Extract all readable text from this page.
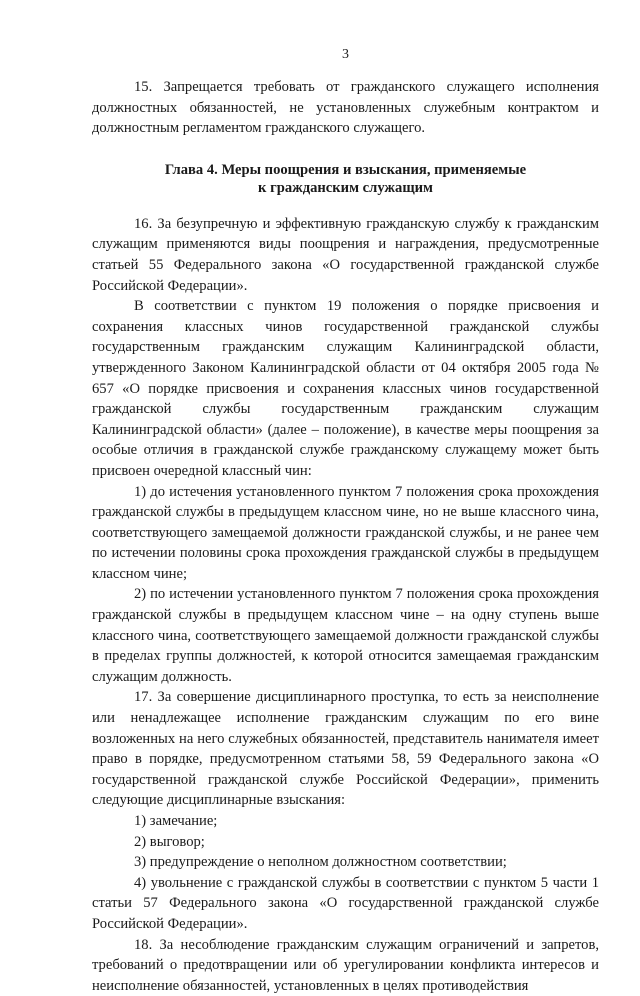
3

15. Запрещается требовать от гражданского служащего исполнения должностных обязанностей, не установленных служебным контрактом и должностным регламентом гражданского служащего.

Глава 4. Меры поощрения и взыскания, применяемые
к гражданским служащим

16. За безупречную и эффективную гражданскую службу к гражданским служащим применяются виды поощрения и награждения, предусмотренные статьей 55 Федерального закона «О государственной гражданской службе Российской Федерации».

В соответствии с пунктом 19 положения о порядке присвоения и сохранения классных чинов государственной гражданской службы государственным гражданским служащим Калининградской области, утвержденного Законом Калининградской области от 04 октября 2005 года № 657 «О порядке присвоения и сохранения классных чинов государственной гражданской службы государственным гражданским служащим Калининградской области» (далее – положение), в качестве меры поощрения за особые отличия в гражданской службе гражданскому служащему может быть присвоен очередной классный чин:

1) до истечения установленного пунктом 7 положения срока прохождения гражданской службы в предыдущем классном чине, но не выше классного чина, соответствующего замещаемой должности гражданской службы, и не ранее чем по истечении половины срока прохождения гражданской службы в предыдущем классном чине;

2) по истечении установленного пунктом 7 положения срока прохождения гражданской службы в предыдущем классном чине – на одну ступень выше классного чина, соответствующего замещаемой должности гражданской службы в пределах группы должностей, к которой относится замещаемая гражданским служащим должность.

17. За совершение дисциплинарного проступка, то есть за неисполнение или ненадлежащее исполнение гражданским служащим по его вине возложенных на него служебных обязанностей, представитель нанимателя имеет право в порядке, предусмотренном статьями 58, 59 Федерального закона «О государственной гражданской службе Российской Федерации», применить следующие дисциплинарные взыскания:

1) замечание;

2) выговор;

3) предупреждение о неполном должностном соответствии;

4) увольнение с гражданской службы в соответствии с пунктом 5 части 1 статьи 57 Федерального закона «О государственной гражданской службе Российской Федерации».

18. За несоблюдение гражданским служащим ограничений и запретов, требований о предотвращении или об урегулировании конфликта интересов и неисполнение обязанностей, установленных в целях противодействия
